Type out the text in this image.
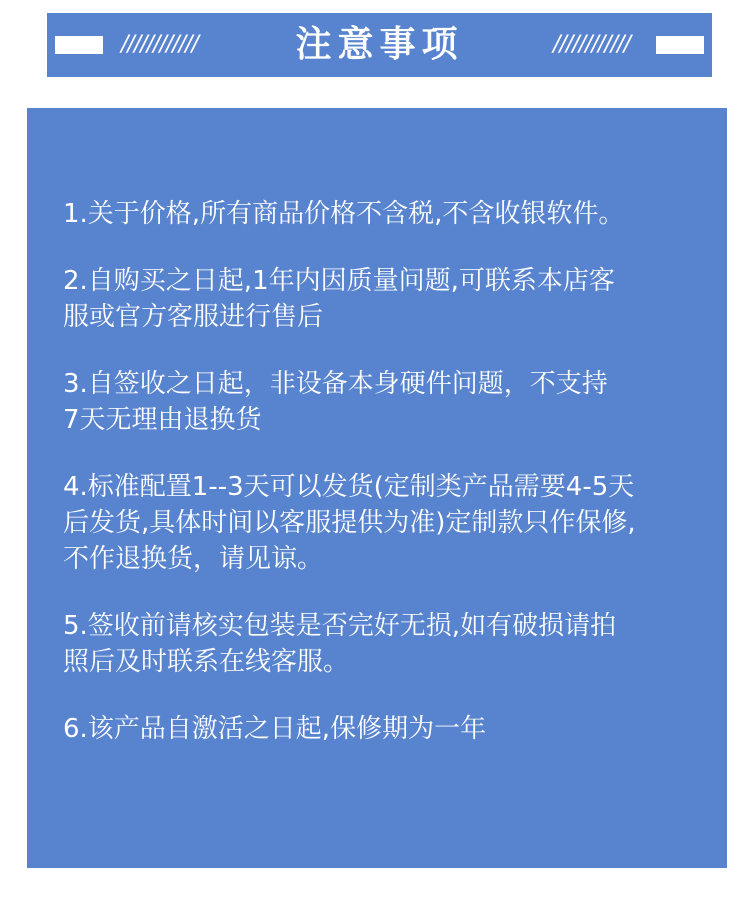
////////////	注意事项	////////////
1.关于价格,所有商品价格不含税,不含收银软件。
2.自购买之日起,1年内因质量问题,可联系本店客
服或官方客服进行售后
3.自签收之日起，非设备本身硬件问题，不支持
7天无理由退换货
4.标准配置1--3天可以发货(定制类产品需要4-5天
后发货,具体时间以客服提供为准)定制款只作保修,
不作退换货，请见谅。
5.签收前请核实包装是否完好无损,如有破损请拍
照后及时联系在线客服。
6.该产品自激活之日起,保修期为一年
